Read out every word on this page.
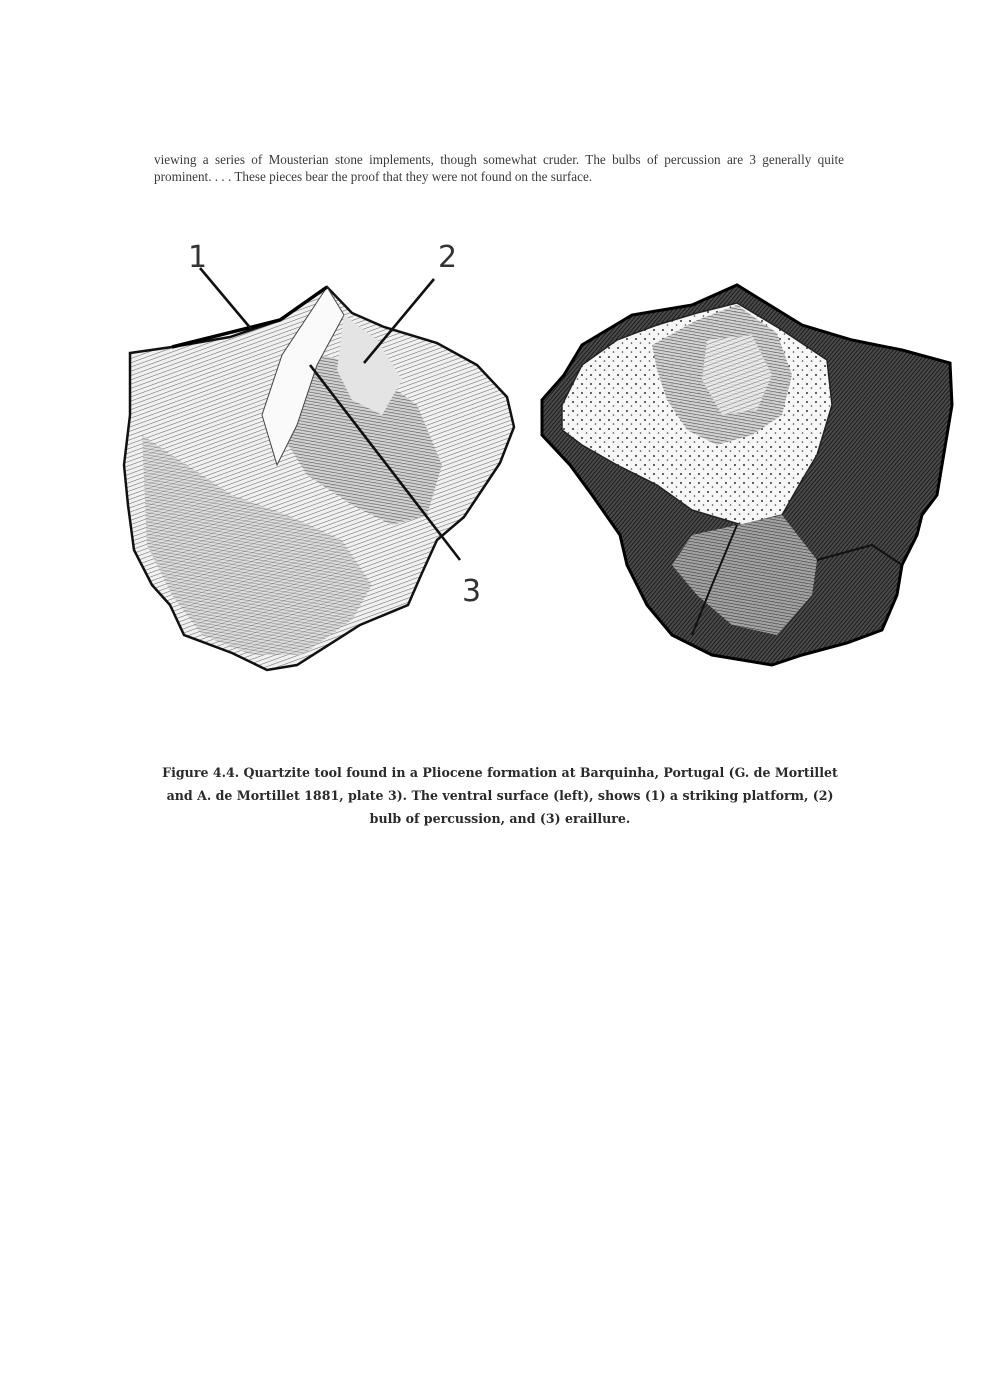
viewing a series of Mousterian stone implements, though somewhat cruder. The bulbs of percussion are 3 generally quite prominent. . . . These pieces bear the proof that they were not found on the surface.

1	2
3

Figure 4.4. Quartzite tool found in a Pliocene formation at Barquinha, Portugal (G. de Mortillet and A. de Mortillet 1881, plate 3). The ventral surface (left), shows (1) a striking platform, (2) bulb of percussion, and (3) eraillure.
